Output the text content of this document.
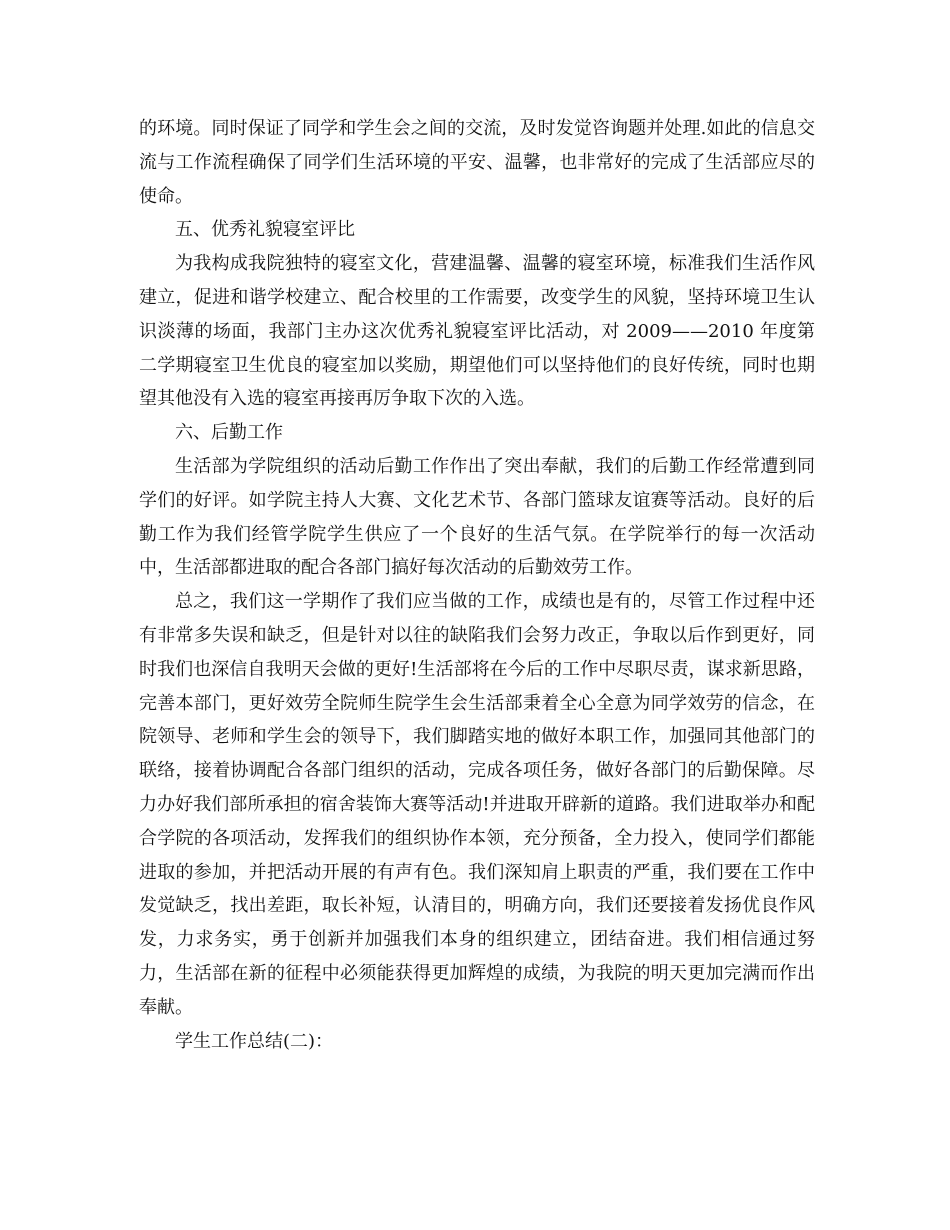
的环境。同时保证了同学和学生会之间的交流，及时发觉咨询题并处理.如此的信息交流与工作流程确保了同学们生活环境的平安、温馨，也非常好的完成了生活部应尽的使命。

五、优秀礼貌寝室评比

为我构成我院独特的寝室文化，营建温馨、温馨的寝室环境，标准我们生活作风建立，促进和谐学校建立、配合校里的工作需要，改变学生的风貌，坚持环境卫生认识淡薄的场面，我部门主办这次优秀礼貌寝室评比活动，对 2009——2010 年度第二学期寝室卫生优良的寝室加以奖励，期望他们可以坚持他们的良好传统，同时也期望其他没有入选的寝室再接再厉争取下次的入选。

六、后勤工作

生活部为学院组织的活动后勤工作作出了突出奉献，我们的后勤工作经常遭到同学们的好评。如学院主持人大赛、文化艺术节、各部门篮球友谊赛等活动。良好的后勤工作为我们经管学院学生供应了一个良好的生活气氛。在学院举行的每一次活动中，生活部都进取的配合各部门搞好每次活动的后勤效劳工作。

总之，我们这一学期作了我们应当做的工作，成绩也是有的，尽管工作过程中还有非常多失误和缺乏，但是针对以往的缺陷我们会努力改正，争取以后作到更好，同时我们也深信自我明天会做的更好!生活部将在今后的工作中尽职尽责，谋求新思路，完善本部门，更好效劳全院师生院学生会生活部秉着全心全意为同学效劳的信念，在院领导、老师和学生会的领导下，我们脚踏实地的做好本职工作，加强同其他部门的联络，接着协调配合各部门组织的活动，完成各项任务，做好各部门的后勤保障。尽力办好我们部所承担的宿舍装饰大赛等活动!并进取开辟新的道路。我们进取举办和配合学院的各项活动，发挥我们的组织协作本领，充分预备，全力投入，使同学们都能进取的参加，并把活动开展的有声有色。我们深知肩上职责的严重，我们要在工作中发觉缺乏，找出差距，取长补短，认清目的，明确方向，我们还要接着发扬优良作风发，力求务实，勇于创新并加强我们本身的组织建立，团结奋进。我们相信通过努力，生活部在新的征程中必须能获得更加辉煌的成绩，为我院的明天更加完满而作出奉献。

学生工作总结(二)：
